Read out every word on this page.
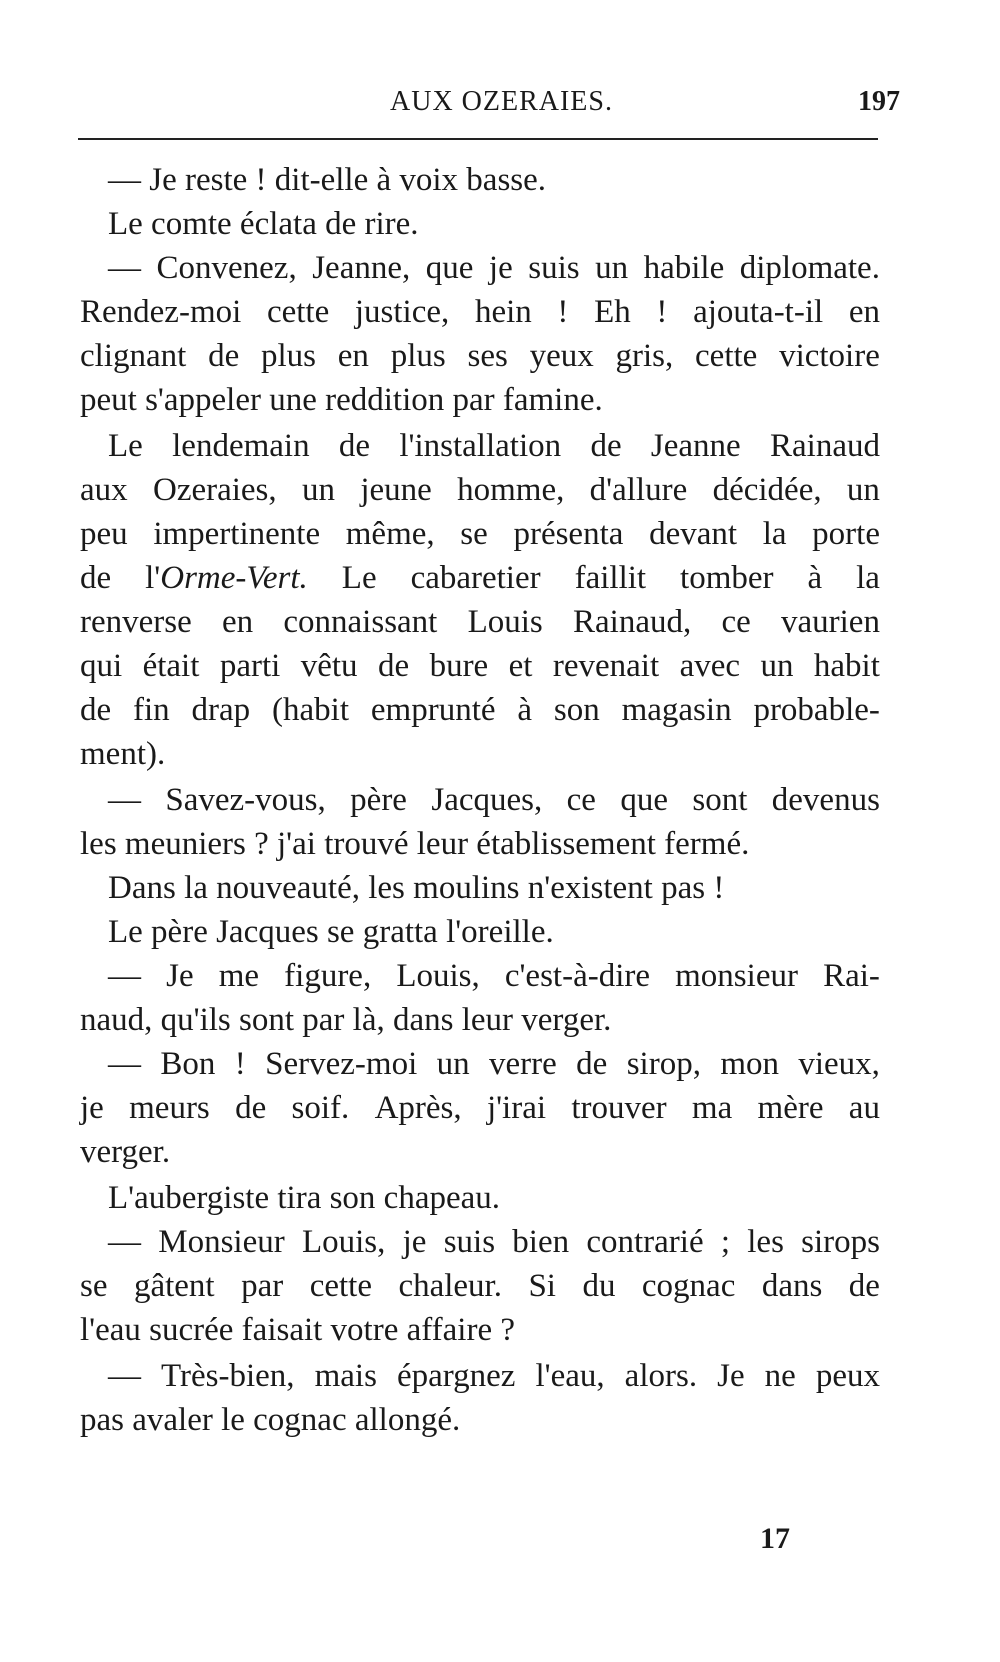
AUX OZERAIES.	197
— Je reste ! dit-elle à voix basse.
Le comte éclata de rire.
— Convenez, Jeanne, que je suis un habile diplomate.
Rendez-moi cette justice, hein ! Eh ! ajouta-t-il en
clignant de plus en plus ses yeux gris, cette victoire
peut s'appeler une reddition par famine.
Le lendemain de l'installation de Jeanne Rainaud
aux Ozeraies, un jeune homme, d'allure décidée, un
peu impertinente même, se présenta devant la porte
de l'Orme-Vert. Le cabaretier faillit tomber à la
renverse en connaissant Louis Rainaud, ce vaurien
qui était parti vêtu de bure et revenait avec un habit
de fin drap (habit emprunté à son magasin probable-
ment).
— Savez-vous, père Jacques, ce que sont devenus
les meuniers ? j'ai trouvé leur établissement fermé.
Dans la nouveauté, les moulins n'existent pas !
Le père Jacques se gratta l'oreille.
— Je me figure, Louis, c'est-à-dire monsieur Rai-
naud, qu'ils sont par là, dans leur verger.
— Bon ! Servez-moi un verre de sirop, mon vieux,
je meurs de soif. Après, j'irai trouver ma mère au
verger.
L'aubergiste tira son chapeau.
— Monsieur Louis, je suis bien contrarié ; les sirops
se gâtent par cette chaleur. Si du cognac dans de
l'eau sucrée faisait votre affaire ?
— Très-bien, mais épargnez l'eau, alors. Je ne peux
pas avaler le cognac allongé.
17
